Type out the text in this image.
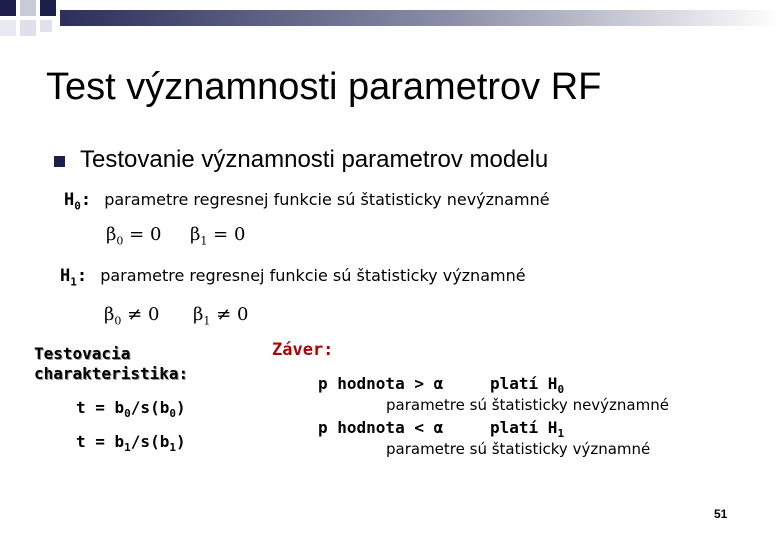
Test významnosti parametrov RF
Testovanie významnosti parametrov modelu
$H_0$: parametre regresnej funkcie sú štatisticky nevýznamné
$\beta_0 = 0$ $\beta_1 = 0$
$H_1$: parametre regresnej funkcie sú štatisticky významné
$\beta_0 \ne 0$ $\beta_1 \ne 0$
Testovacia
charakteristika:
$t = b_0/s(b_0)$
$t = b_1/s(b_1)$
Záver:
p hodnota > α	platí $H_0$
parametre sú štatisticky nevýznamné
p hodnota < α	platí $H_1$
parametre sú štatisticky významné
51
